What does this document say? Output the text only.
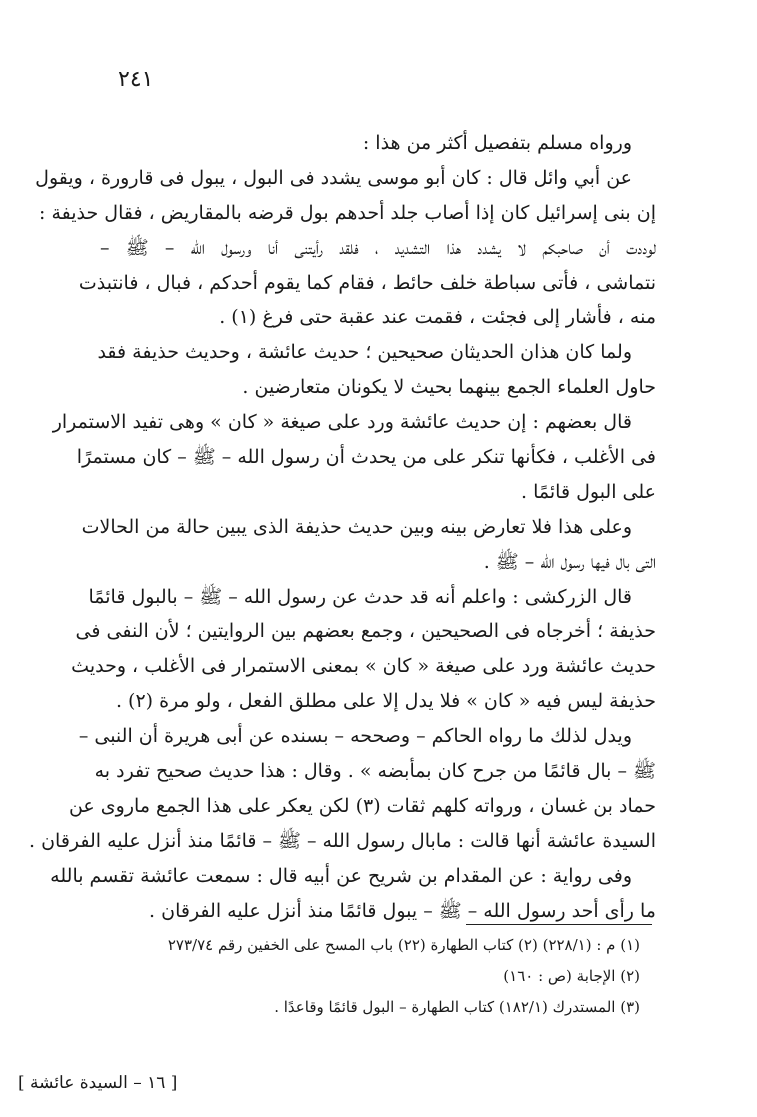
٢٤١
ورواه مسلم بتفصيل أكثر من هذا :
عن أبي وائل قال : كان أبو موسى يشدد فى البول ، يبول فى قارورة ، ويقول
إن بنى إسرائيل كان إذا أصاب جلد أحدهم بول قرضه بالمقاريض ، فقال حذيفة :
لوددت أن صاحبكم لا يشدد هذا التشديد ، فلقد رأيتنى أنا ورسول الله – ﷺ –
نتماشى ، فأتى سباطة خلف حائط ، فقام كما يقوم أحدكم ، فبال ، فانتبذت
منه ، فأشار إلى فجئت ، فقمت عند عقبة حتى فرغ (١) .
ولما كان هذان الحديثان صحيحين ؛ حديث عائشة ، وحديث حذيفة فقد
حاول العلماء الجمع بينهما بحيث لا يكونان متعارضين .
قال بعضهم : إن حديث عائشة ورد على صيغة « كان » وهى تفيد الاستمرار
فى الأغلب ، فكأنها تنكر على من يحدث أن رسول الله – ﷺ – كان مستمرًا
على البول قائمًا .
وعلى هذا فلا تعارض بينه وبين حديث حذيفة الذى يبين حالة من الحالات
التى بال فيها رسول الله – ﷺ .
قال الزركشى : واعلم أنه قد حدث عن رسول الله – ﷺ – بالبول قائمًا
حذيفة ؛ أخرجاه فى الصحيحين ، وجمع بعضهم بين الروايتين ؛ لأن النفى فى
حديث عائشة ورد على صيغة « كان » بمعنى الاستمرار فى الأغلب ، وحديث
حذيفة ليس فيه « كان » فلا يدل إلا على مطلق الفعل ، ولو مرة (٢) .
ويدل لذلك ما رواه الحاكم – وصححه – بسنده عن أبى هريرة أن النبى –
ﷺ – بال قائمًا من جرح كان بمأبضه » . وقال : هذا حديث صحيح تفرد به
حماد بن غسان ، ورواته كلهم ثقات (٣) لكن يعكر على هذا الجمع ماروى عن
السيدة عائشة أنها قالت : مابال رسول الله – ﷺ – قائمًا منذ أنزل عليه الفرقان .
وفى رواية : عن المقدام بن شريح عن أبيه قال : سمعت عائشة تقسم بالله
ما رأى أحد رسول الله – ﷺ – يبول قائمًا منذ أنزل عليه الفرقان .
(١) م : (٢٢٨/١) (٢) كتاب الطهارة (٢٢) باب المسح على الخفين رقم ٢٧٣/٧٤
(٢) الإجابة (ص : ١٦٠)
(٣) المستدرك (١٨٢/١) كتاب الطهارة – البول قائمًا وقاعدًا .
[ ١٦ – السيدة عائشة ]
